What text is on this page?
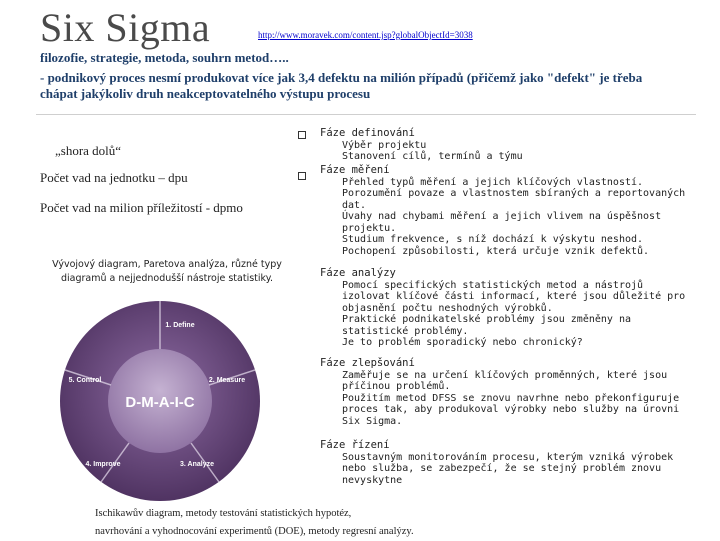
Six Sigma	http://www.moravek.com/content.jsp?globalObjectId=3038
filozofie, strategie, metoda, souhrn metod…..
- podnikový proces nesmí produkovat více jak 3,4 defektu na milión případů (přičemž jako "defekt" je třeba chápat jakýkoliv druh neakceptovatelného výstupu procesu
„shora dolů“
Počet vad na jednotku – dpu
Počet vad na milion příležitostí - dpmo
Vývojový diagram, Paretova analýza, různé typy diagramů a nejjednodušší nástroje statistiky.
Fáze definování
Výběr projektu
Stanovení cílů, termínů a týmu
Fáze měření
Přehled typů měření a jejich klíčových vlastností.
Porozumění povaze a vlastnostem sbíraných a reportovaných dat.
Úvahy nad chybami měření a jejich vlivem na úspěšnost projektu.
Studium frekvence, s níž dochází k výskytu neshod.
Pochopení způsobilosti, která určuje vznik defektů.
Fáze analýzy
Pomocí specifických statistických metod a nástrojů izolovat klíčové části informací, které jsou důležité pro objasnění počtu neshodných výrobků.
Praktické podnikatelské problémy jsou změněny na statistické problémy.
Je to problém sporadický nebo chronický?
Fáze zlepšování
Zaměřuje se na určení klíčových proměnných, které jsou příčinou problémů.
Použitím metod DFSS se znovu navrhne nebo překonfiguruje proces tak, aby produkoval výrobky nebo služby na úrovni Six Sigma.
Fáze řízení
Soustavným monitorováním procesu, kterým vzniká výrobek nebo služba, se zabezpečí, že se stejný problém znovu nevyskytne
D-M-A-I-C
1. Define
2. Measure
3. Analyze
4. Improve
5. Control
Ischikawův diagram, metody testování statistických hypotéz,
navrhování a vyhodnocování experimentů (DOE), metody regresní analýzy.
